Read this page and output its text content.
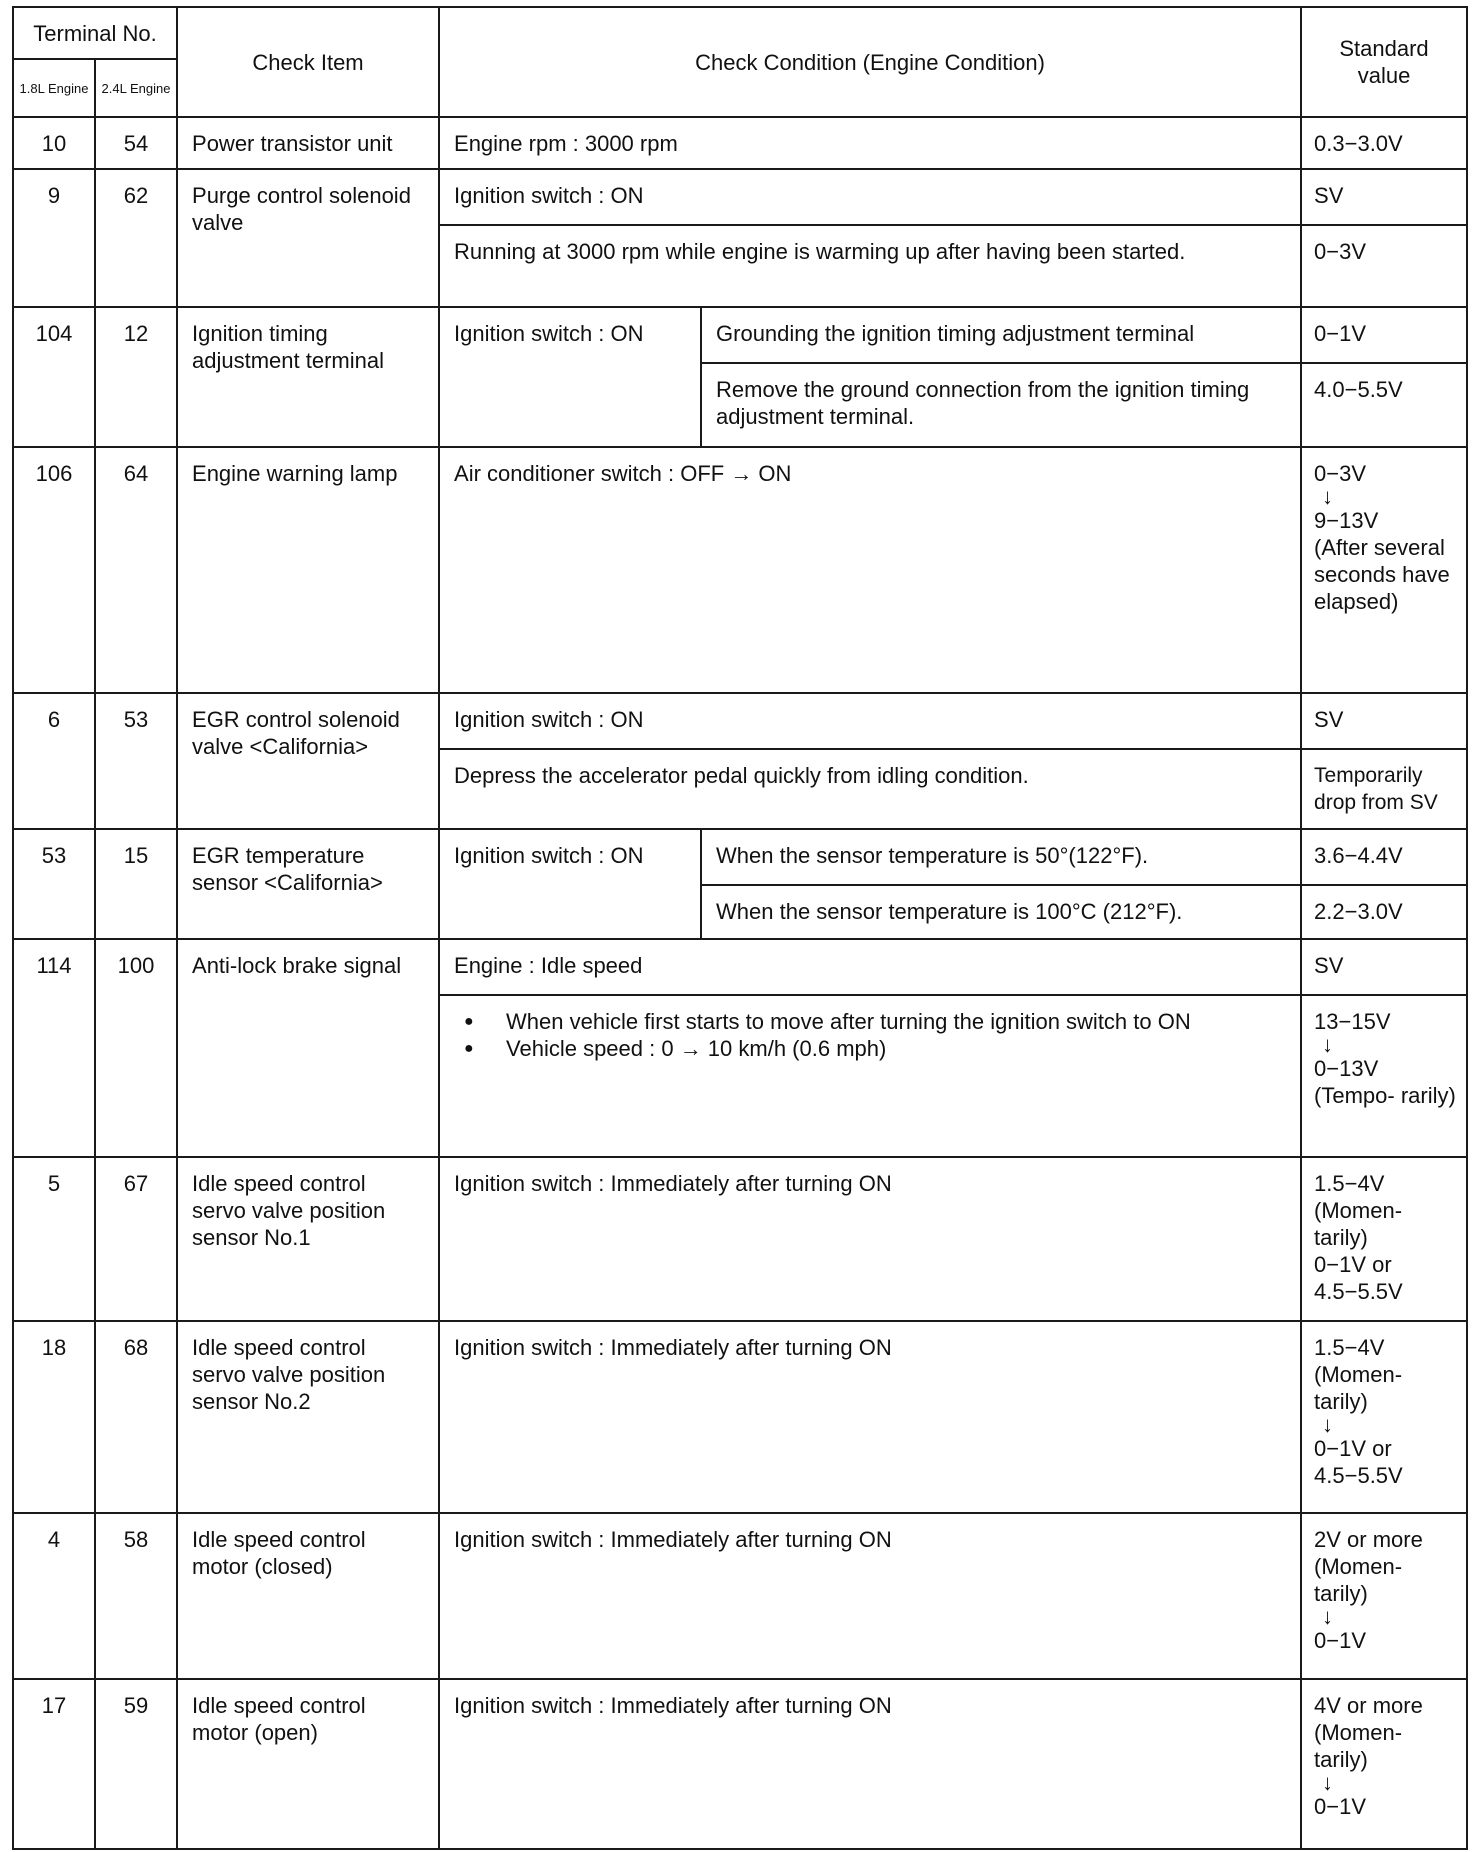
Terminal No.		Check Item	Check Condition (Engine Condition)		Standard value
1.8L Engine	2.4L Engine				
10	54	Power transistor unit	Engine rpm : 3000 rpm		0.3−3.0V
9	62	Purge control solenoid valve	Ignition switch : ON		SV
			Running at 3000 rpm while engine is warming up after having been started.		0−3V
104	12	Ignition timing adjustment terminal	Ignition switch : ON	Grounding the ignition timing adjustment terminal	0−1V
				Remove the ground connection from the ignition timing adjustment terminal.	4.0−5.5V
106	64	Engine warning lamp	Air conditioner switch : OFF → ON		0−3V
↓
9−13V
(After several seconds have elapsed)

6	53	EGR control solenoid valve <California>	Ignition switch : ON		SV
			Depress the accelerator pedal quickly from idling condition.		Temporarily drop from SV
53	15	EGR temperature sensor <California>	Ignition switch : ON	When the sensor temperature is 50°(122°F).	3.6−4.4V
				When the sensor temperature is 100°C (212°F).	2.2−3.0V
114	100	Anti-lock brake signal	Engine : Idle speed		SV

			● When vehicle first starts to move after turning the ignition switch to ON
● Vehicle speed : 0 → 10 km/h (0.6 mph)		13−15V
↓
0−13V
(Tempo- rarily)

5	67	Idle speed control servo valve position sensor No.1	Ignition switch : Immediately after turning ON		1.5−4V
(Momen- tarily)
0−1V or
4.5−5.5V

18	68	Idle speed control servo valve position sensor No.2	Ignition switch : Immediately after turning ON		1.5−4V
(Momen- tarily)
↓
0−1V or
4.5−5.5V

4	58	Idle speed control motor (closed)	Ignition switch : Immediately after turning ON		2V or more
(Momen- tarily)
↓
0−1V

17	59	Idle speed control motor (open)	Ignition switch : Immediately after turning ON		4V or more
(Momen- tarily)
↓
0−1V
